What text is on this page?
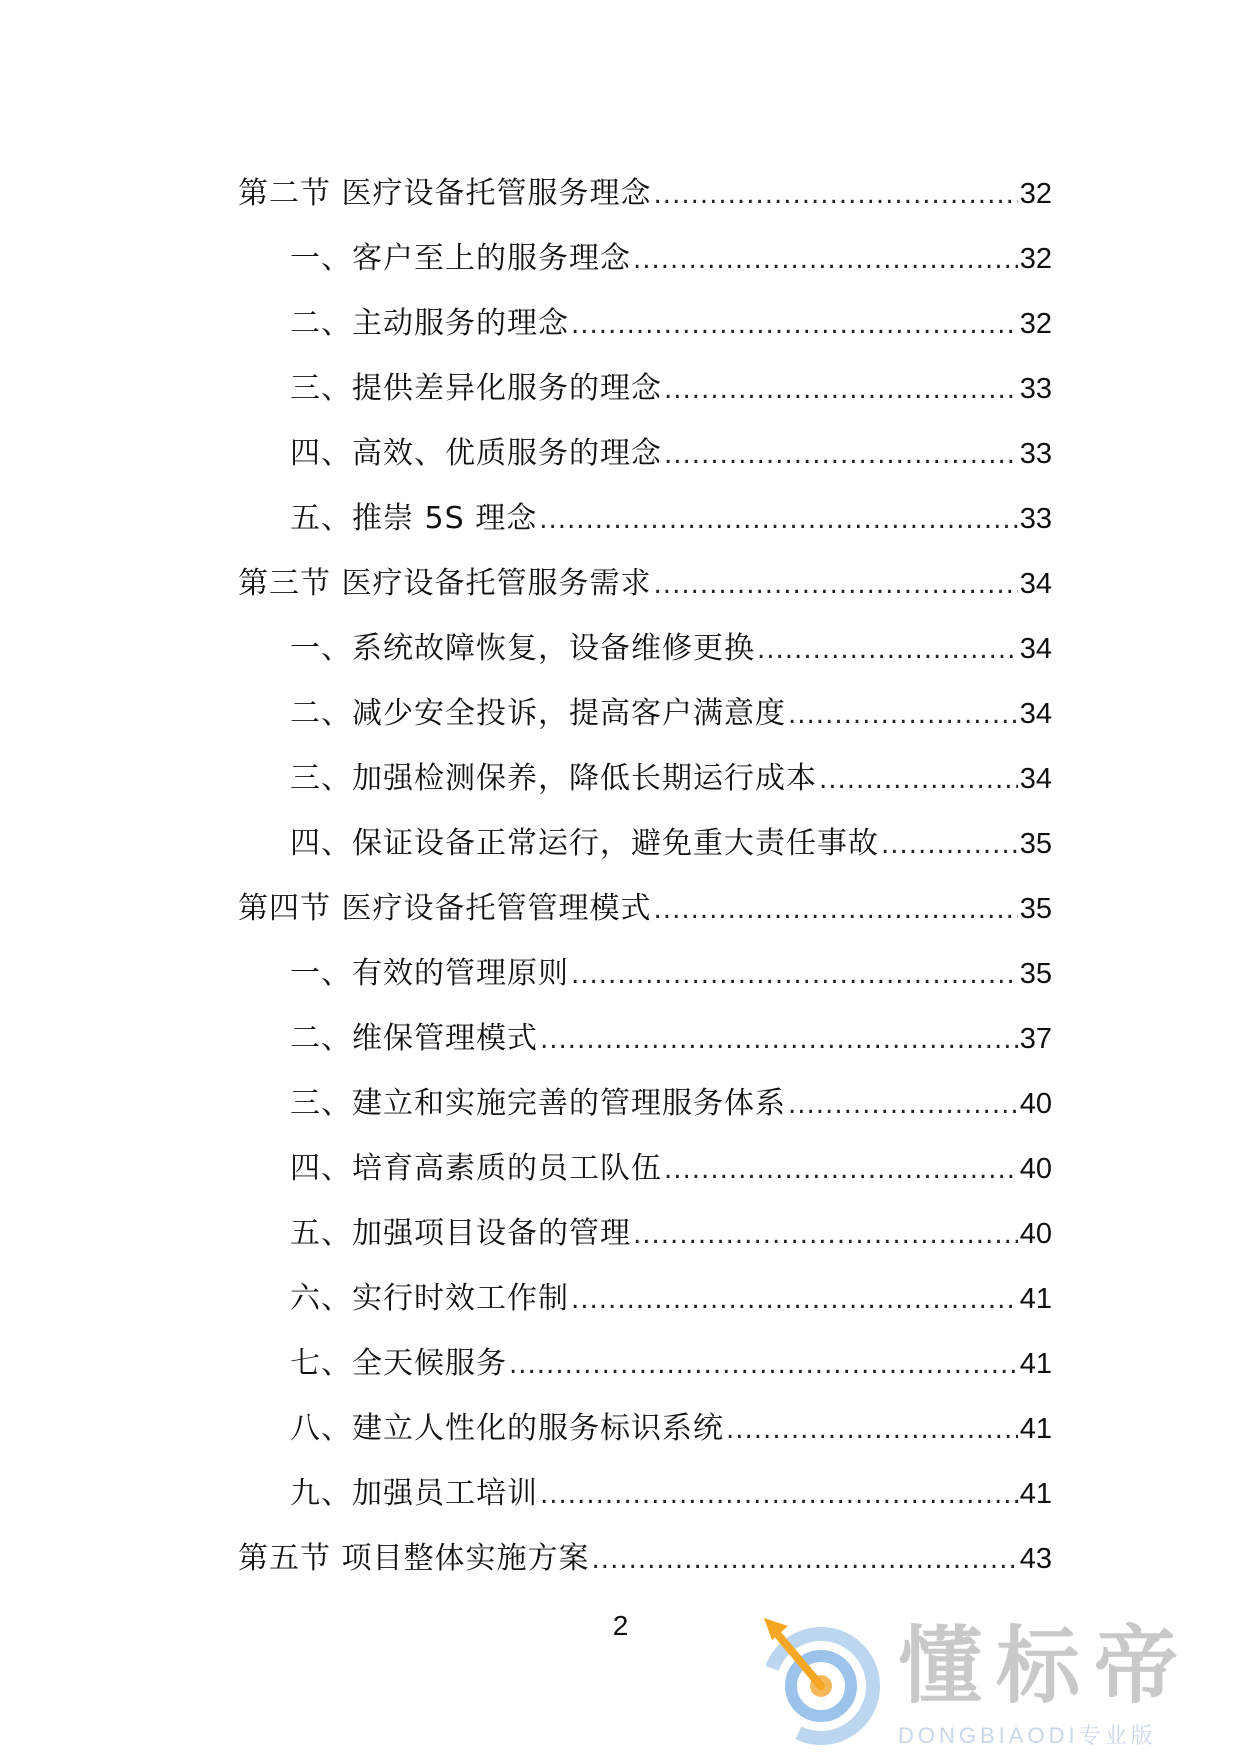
第二节 医疗设备托管服务理念 .....	32
一、客户至上的服务理念 .....	32
二、主动服务的理念 .....	32
三、提供差异化服务的理念 .....	33
四、高效、优质服务的理念 .....	33
五、推崇 5S 理念 .....	33
第三节 医疗设备托管服务需求 .....	34
一、系统故障恢复，设备维修更换 .....	34
二、减少安全投诉，提高客户满意度 .....	34
三、加强检测保养，降低长期运行成本 .....	34
四、保证设备正常运行，避免重大责任事故 .....	35
第四节 医疗设备托管管理模式 .....	35
一、有效的管理原则 .....	35
二、维保管理模式 .....	37
三、建立和实施完善的管理服务体系 .....	40
四、培育高素质的员工队伍 .....	40
五、加强项目设备的管理 .....	40
六、实行时效工作制 .....	41
七、全天候服务 .....	41
八、建立人性化的服务标识系统 .....	41
九、加强员工培训 .....	41
第五节 项目整体实施方案 .....	43
2	懂标帝
DONGBIAODI专业版
